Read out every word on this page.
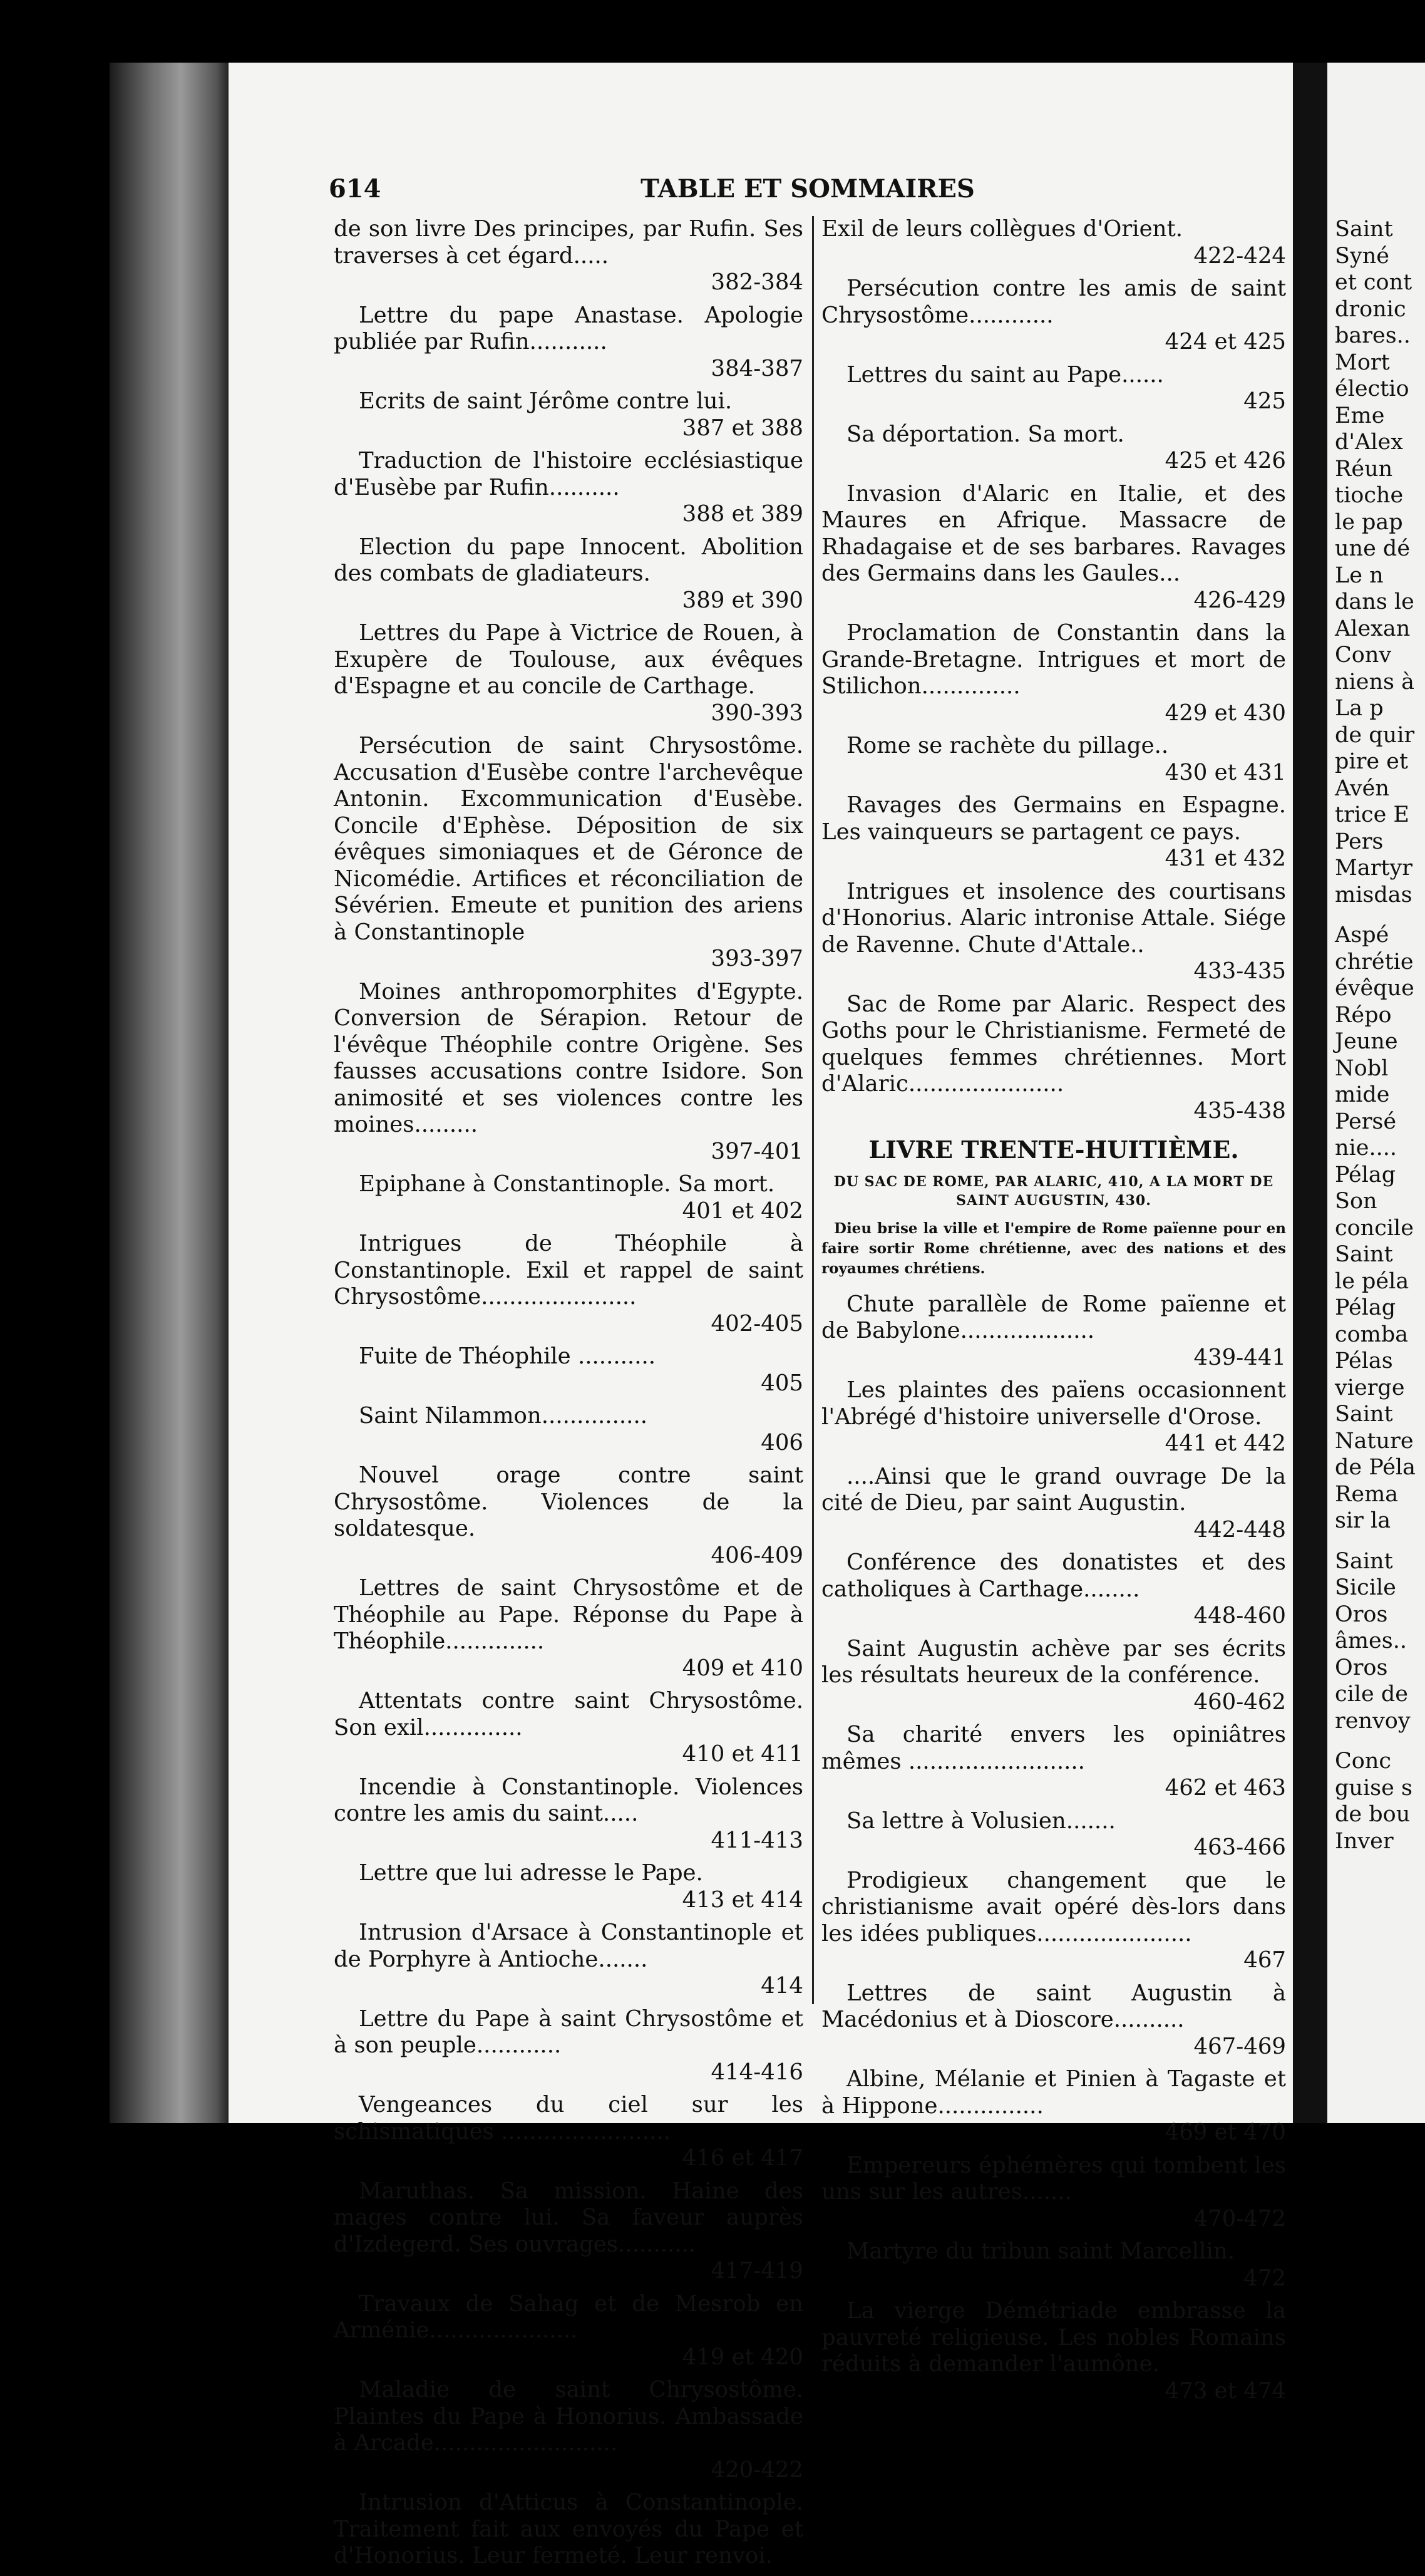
Saint
Syné
et cont
dronic
bares..
Mort
électio
Eme
d'Alex
Réun
tioche
le pap
une dé
Le n
dans le
Alexan
Conv
niens à
La p
de quir
pire et
Avén
trice E
Pers
Martyr
misdas
Aspé
chrétie
évêque
Répo
Jeune
Nobl
mide
Persé
nie....
Pélag
Son
concile
Saint
le péla
Pélag
comba
Pélas
vierge
Saint
Nature
de Péla
Rema
sir la
Saint
Sicile
Oros
âmes..
Oros
cile de
renvoy
Conc
guise s
de bou
Inver
614	TABLE ET SOMMAIRES
de son livre Des principes, par Rufin. Ses traverses à cet égard.....
382-384
Lettre du pape Anastase. Apologie publiée par Rufin...........
384-387
Ecrits de saint Jérôme contre lui.
387 et 388
Traduction de l'histoire ecclésiastique d'Eusèbe par Rufin..........
388 et 389
Election du pape Innocent. Abolition des combats de gladiateurs.
389 et 390
Lettres du Pape à Victrice de Rouen, à Exupère de Toulouse, aux évêques d'Espagne et au concile de Carthage.
390-393
Persécution de saint Chrysostôme. Accusation d'Eusèbe contre l'archevêque Antonin. Excommunication d'Eusèbe. Concile d'Ephèse. Déposition de six évêques simoniaques et de Géronce de Nicomédie. Artifices et réconciliation de Sévérien. Emeute et punition des ariens à Constantinople
393-397
Moines anthropomorphites d'Egypte. Conversion de Sérapion. Retour de l'évêque Théophile contre Origène. Ses fausses accusations contre Isidore. Son animosité et ses violences contre les moines.........
397-401
Epiphane à Constantinople. Sa mort.
401 et 402
Intrigues de Théophile à Constantinople. Exil et rappel de saint Chrysostôme......................
402-405
Fuite de Théophile ...........
405
Saint Nilammon...............
406
Nouvel orage contre saint Chrysostôme. Violences de la soldatesque.
406-409
Lettres de saint Chrysostôme et de Théophile au Pape. Réponse du Pape à Théophile..............
409 et 410
Attentats contre saint Chrysostôme. Son exil..............
410 et 411
Incendie à Constantinople. Violences contre les amis du saint.....
411-413
Lettre que lui adresse le Pape.
413 et 414
Intrusion d'Arsace à Constantinople et de Porphyre à Antioche.......
414
Lettre du Pape à saint Chrysostôme et à son peuple............
414-416
Vengeances du ciel sur les schismatiques ........................
416 et 417
Maruthas. Sa mission. Haine des mages contre lui. Sa faveur auprès d'Izdegerd. Ses ouvrages...........
417-419
Travaux de Sahag et de Mesrob en Arménie.....................
419 et 420
Maladie de saint Chrysostôme. Plaintes du Pape à Honorius. Ambassade à Arcade..........................
420-422
Intrusion d'Atticus à Constantinople. Traitement fait aux envoyés du Pape et d'Honorius. Leur fermeté. Leur renvoi.
Exil de leurs collègues d'Orient.
422-424
Persécution contre les amis de saint Chrysostôme............
424 et 425
Lettres du saint au Pape......
425
Sa déportation. Sa mort.
425 et 426
Invasion d'Alaric en Italie, et des Maures en Afrique. Massacre de Rhadagaise et de ses barbares. Ravages des Germains dans les Gaules...
426-429
Proclamation de Constantin dans la Grande-Bretagne. Intrigues et mort de Stilichon..............
429 et 430
Rome se rachète du pillage..
430 et 431
Ravages des Germains en Espagne. Les vainqueurs se partagent ce pays.
431 et 432
Intrigues et insolence des courtisans d'Honorius. Alaric intronise Attale. Siége de Ravenne. Chute d'Attale..
433-435
Sac de Rome par Alaric. Respect des Goths pour le Christianisme. Fermeté de quelques femmes chrétiennes. Mort d'Alaric......................
435-438
LIVRE TRENTE-HUITIÈME.
DU SAC DE ROME, PAR ALARIC, 410, A LA MORT DE SAINT AUGUSTIN, 430.
Dieu brise la ville et l'empire de Rome païenne pour en faire sortir Rome chrétienne, avec des nations et des royaumes chrétiens.
Chute parallèle de Rome païenne et de Babylone...................
439-441
Les plaintes des païens occasionnent l'Abrégé d'histoire universelle d'Orose.
441 et 442
....Ainsi que le grand ouvrage De la cité de Dieu, par saint Augustin.
442-448
Conférence des donatistes et des catholiques à Carthage........
448-460
Saint Augustin achève par ses écrits les résultats heureux de la conférence.
460-462
Sa charité envers les opiniâtres mêmes .........................
462 et 463
Sa lettre à Volusien.......
463-466
Prodigieux changement que le christianisme avait opéré dès-lors dans les idées publiques......................
467
Lettres de saint Augustin à Macédonius et à Dioscore..........
467-469
Albine, Mélanie et Pinien à Tagaste et à Hippone...............
469 et 470
Empereurs éphémères qui tombent les uns sur les autres.......
470-472
Martyre du tribun saint Marcellin.
472
La vierge Démétriade embrasse la pauvreté religieuse. Les nobles Romains réduits à demander l'aumône.
473 et 474
